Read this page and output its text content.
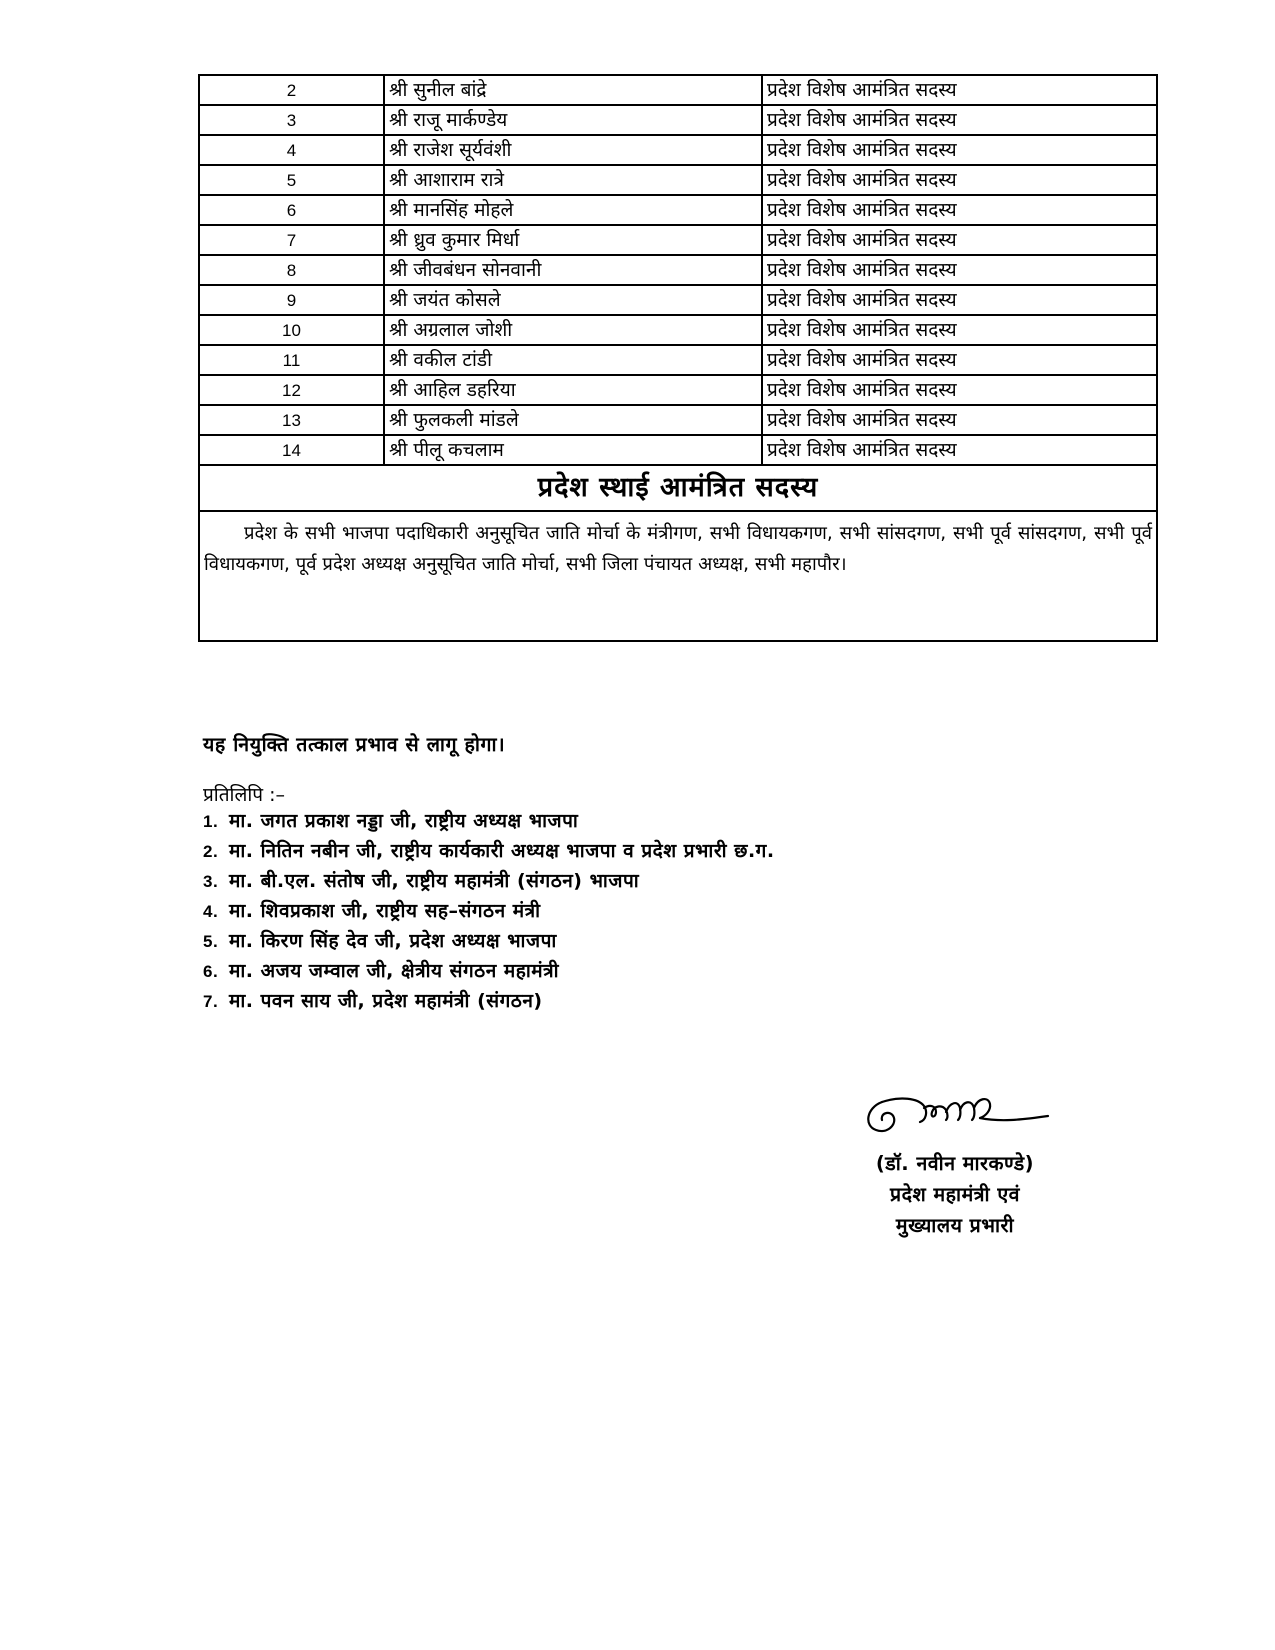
2	श्री सुनील बांद्रे	प्रदेश विशेष आमंत्रित सदस्य
3	श्री राजू मार्कण्डेय	प्रदेश विशेष आमंत्रित सदस्य
4	श्री राजेश सूर्यवंशी	प्रदेश विशेष आमंत्रित सदस्य
5	श्री आशाराम रात्रे	प्रदेश विशेष आमंत्रित सदस्य
6	श्री मानसिंह मोहले	प्रदेश विशेष आमंत्रित सदस्य
7	श्री ध्रुव कुमार मिर्धा	प्रदेश विशेष आमंत्रित सदस्य
8	श्री जीवबंधन सोनवानी	प्रदेश विशेष आमंत्रित सदस्य
9	श्री जयंत कोसले	प्रदेश विशेष आमंत्रित सदस्य
10	श्री अग्रलाल जोशी	प्रदेश विशेष आमंत्रित सदस्य
11	श्री वकील टांडी	प्रदेश विशेष आमंत्रित सदस्य
12	श्री आहिल डहरिया	प्रदेश विशेष आमंत्रित सदस्य
13	श्री फुलकली मांडले	प्रदेश विशेष आमंत्रित सदस्य
14	श्री पीलू कचलाम	प्रदेश विशेष आमंत्रित सदस्य
प्रदेश स्थाई आमंत्रित सदस्य		
प्रदेश के सभी भाजपा पदाधिकारी अनुसूचित जाति मोर्चा के मंत्रीगण, सभी विधायकगण, सभी सांसदगण, सभी पूर्व सांसदगण, सभी पूर्व विधायकगण, पूर्व प्रदेश अध्यक्ष अनुसूचित जाति मोर्चा, सभी जिला पंचायत अध्यक्ष, सभी महापौर।		
यह नियुक्ति तत्काल प्रभाव से लागू होगा।
प्रतिलिपि :–
1. मा. जगत प्रकाश नड्डा जी, राष्ट्रीय अध्यक्ष भाजपा
2. मा. नितिन नबीन जी, राष्ट्रीय कार्यकारी अध्यक्ष भाजपा व प्रदेश प्रभारी छ.ग.
3. मा. बी.एल. संतोष जी, राष्ट्रीय महामंत्री (संगठन) भाजपा
4. मा. शिवप्रकाश जी, राष्ट्रीय सह–संगठन मंत्री
5. मा. किरण सिंह देव जी, प्रदेश अध्यक्ष भाजपा
6. मा. अजय जम्वाल जी, क्षेत्रीय संगठन महामंत्री
7. मा. पवन साय जी, प्रदेश महामंत्री (संगठन)
(डॉ. नवीन मारकण्डे)
प्रदेश महामंत्री एवं
मुख्यालय प्रभारी
